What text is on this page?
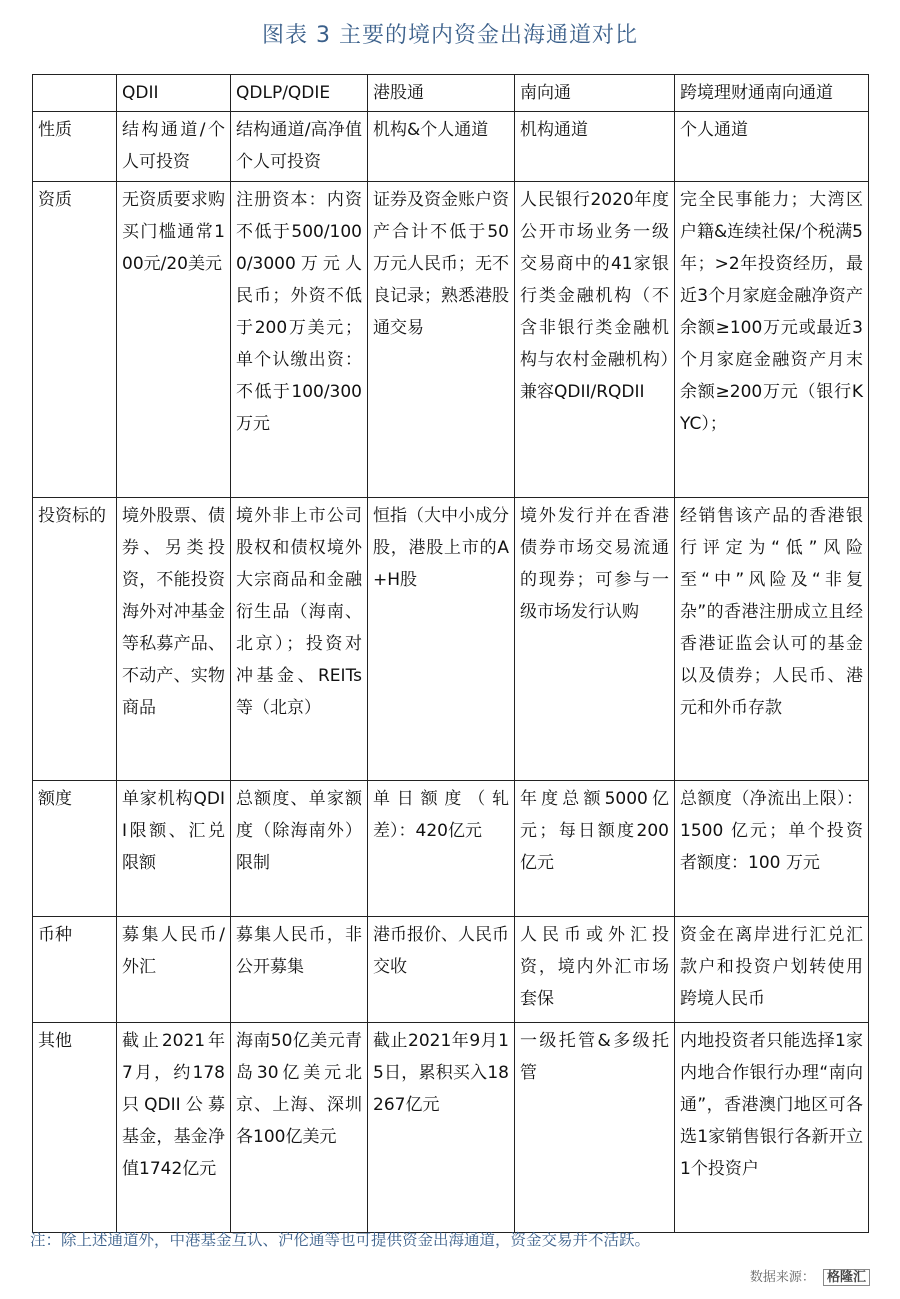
图表 3 主要的境内资金出海通道对比
	QDII	QDLP/QDIE	港股通	南向通	跨境理财通南向通道
性质	结构通道/个人可投资	结构通道/高净值个人可投资	机构&个人通道	机构通道	个人通道
资质	无资质要求购买门槛通常100元/20美元	注册资本：内资不低于500/1000/3000万元人民币；外资不低于200万美元；单个认缴出资：不低于100/300万元	证券及资金账户资产合计不低于50万元人民币；无不良记录；熟悉港股通交易	人民银行2020年度公开市场业务一级交易商中的41家银行类金融机构（不含非银行类金融机构与农村金融机构）兼容QDII/RQDII	完全民事能力；大湾区户籍&连续社保/个税满5年；>2年投资经历，最近3个月家庭金融净资产余额≥100万元或最近3个月家庭金融资产月末余额≥200万元（银行KYC）；
投资标的	境外股票、债券、另类投资，不能投资海外对冲基金等私募产品、不动产、实物商品	境外非上市公司股权和债权境外大宗商品和金融衍生品（海南、北京）；投资对冲基金、REITs等（北京）	恒指（大中小成分股，港股上市的A+H股	境外发行并在香港债券市场交易流通的现券；可参与一级市场发行认购	经销售该产品的香港银行评定为“低”风险至“中”风险及“非复杂”的香港注册成立且经香港证监会认可的基金以及债券；人民币、港元和外币存款
额度	单家机构QDII限额、汇兑限额	总额度、单家额度（除海南外）限制	单日额度（轧差）：420亿元	年度总额5000亿元；每日额度200亿元	总额度（净流出上限）：1500 亿元；单个投资者额度：100 万元
币种	募集人民币/外汇	募集人民币，非公开募集	港币报价、人民币交收	人民币或外汇投资，境内外汇市场套保	资金在离岸进行汇兑汇款户和投资户划转使用跨境人民币
其他	截止2021年7月，约178只QDII公募基金，基金净值1742亿元	海南50亿美元青岛30亿美元北京、上海、深圳各100亿美元	截止2021年9月15日，累积买入18267亿元	一级托管&多级托管	内地投资者只能选择1家内地合作银行办理“南向通”，香港澳门地区可各选1家销售银行各新开立1个投资户
注：除上述通道外，中港基金互认、沪伦通等也可提供资金出海通道，资金交易并不活跃。
数据来源： 格隆汇
